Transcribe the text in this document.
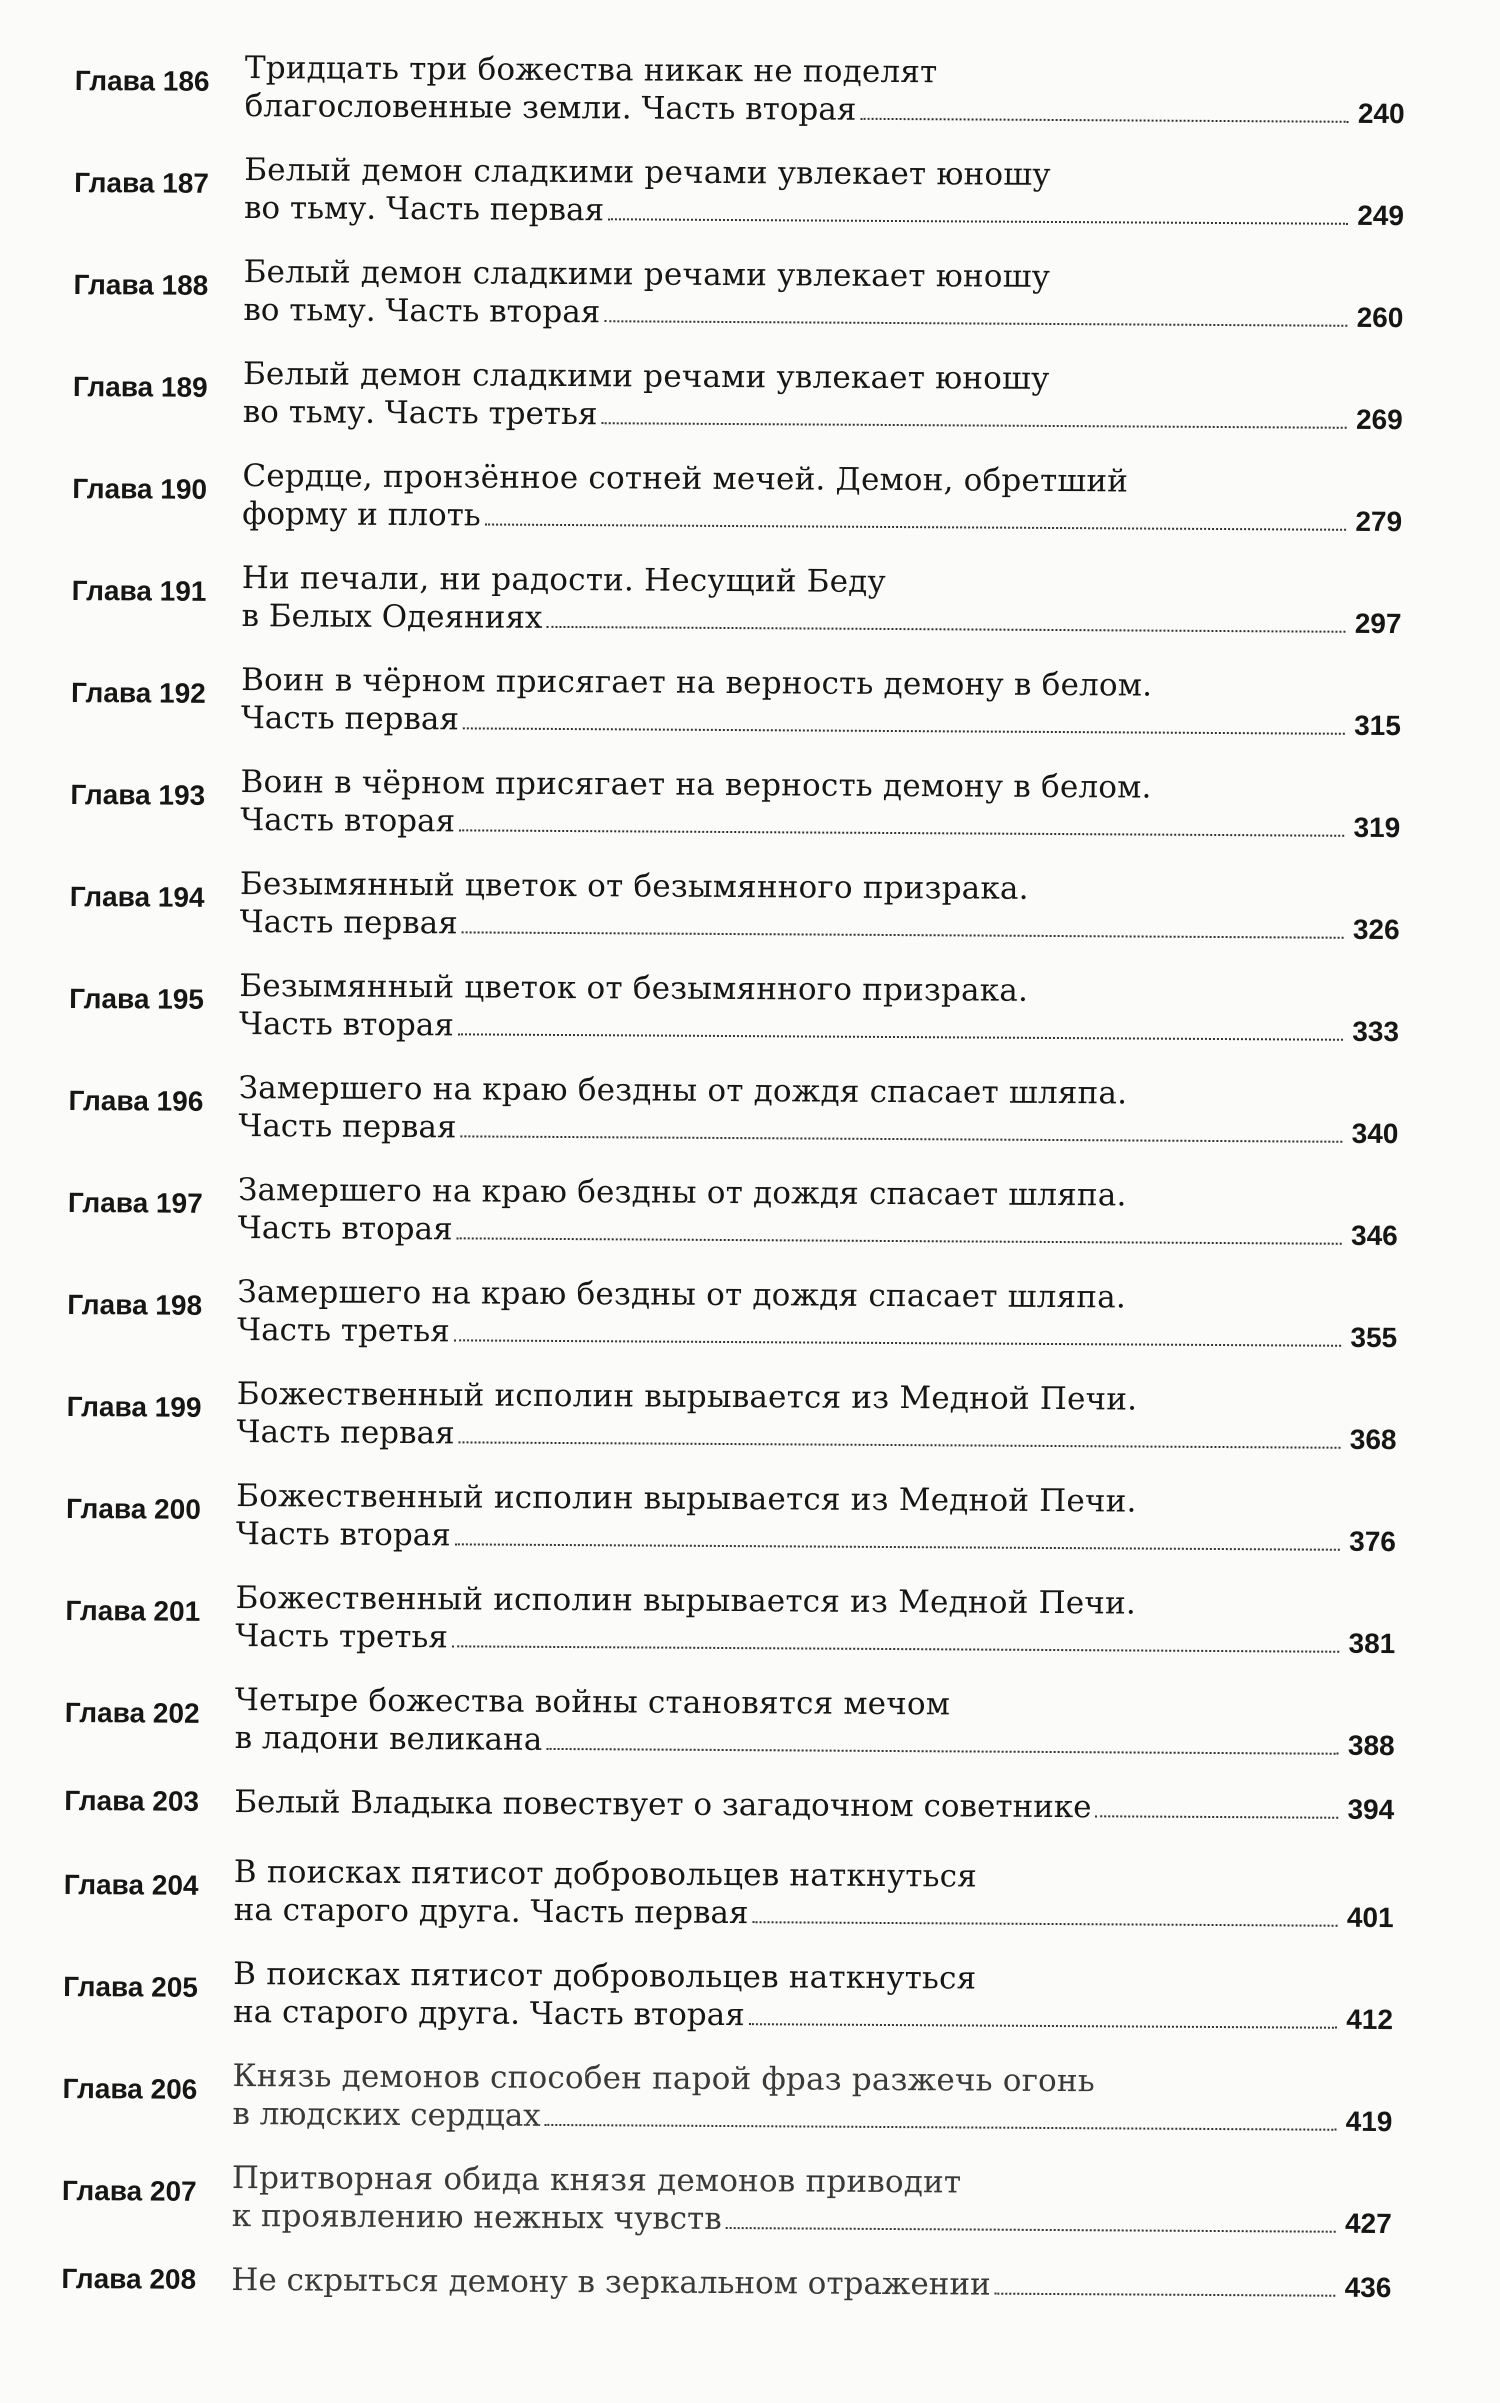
Глава 186	Тридцать три божества никак не поделят
благословенные земли. Часть вторая	240
Глава 187	Белый демон сладкими речами увлекает юношу
во тьму. Часть первая	249
Глава 188	Белый демон сладкими речами увлекает юношу
во тьму. Часть вторая	260
Глава 189	Белый демон сладкими речами увлекает юношу
во тьму. Часть третья	269
Глава 190	Сердце, пронзённое сотней мечей. Демон, обретший
форму и плоть	279
Глава 191	Ни печали, ни радости. Несущий Беду
в Белых Одеяниях	297
Глава 192	Воин в чёрном присягает на верность демону в белом.
Часть первая	315
Глава 193	Воин в чёрном присягает на верность демону в белом.
Часть вторая	319
Глава 194	Безымянный цветок от безымянного призрака.
Часть первая	326
Глава 195	Безымянный цветок от безымянного призрака.
Часть вторая	333
Глава 196	Замершего на краю бездны от дождя спасает шляпа.
Часть первая	340
Глава 197	Замершего на краю бездны от дождя спасает шляпа.
Часть вторая	346
Глава 198	Замершего на краю бездны от дождя спасает шляпа.
Часть третья	355
Глава 199	Божественный исполин вырывается из Медной Печи.
Часть первая	368
Глава 200	Божественный исполин вырывается из Медной Печи.
Часть вторая	376
Глава 201	Божественный исполин вырывается из Медной Печи.
Часть третья	381
Глава 202	Четыре божества войны становятся мечом
в ладони великана	388
Глава 203	Белый Владыка повествует о загадочном советнике	394
Глава 204	В поисках пятисот добровольцев наткнуться
на старого друга. Часть первая	401
Глава 205	В поисках пятисот добровольцев наткнуться
на старого друга. Часть вторая	412
Глава 206	Князь демонов способен парой фраз разжечь огонь
в людских сердцах	419
Глава 207	Притворная обида князя демонов приводит
к проявлению нежных чувств	427
Глава 208	Не скрыться демону в зеркальном отражении	436
